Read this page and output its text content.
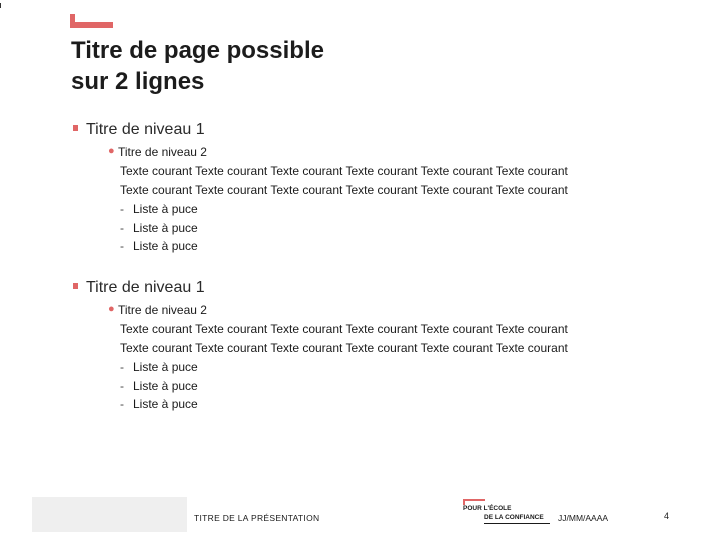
Titre de page possible
sur 2 lignes
Titre de niveau 1
● Titre de niveau 2
Texte courant Texte courant Texte courant Texte courant Texte courant Texte courant
Texte courant Texte courant Texte courant Texte courant Texte courant Texte courant
- Liste à puce
- Liste à puce
- Liste à puce
Titre de niveau 1
● Titre de niveau 2
Texte courant Texte courant Texte courant Texte courant Texte courant Texte courant
Texte courant Texte courant Texte courant Texte courant Texte courant Texte courant
- Liste à puce
- Liste à puce
- Liste à puce
TITRE DE LA PRÉSENTATION
POUR L'ÉCOLE
DE LA CONFIANCE JJ/MM/AAAA	4
